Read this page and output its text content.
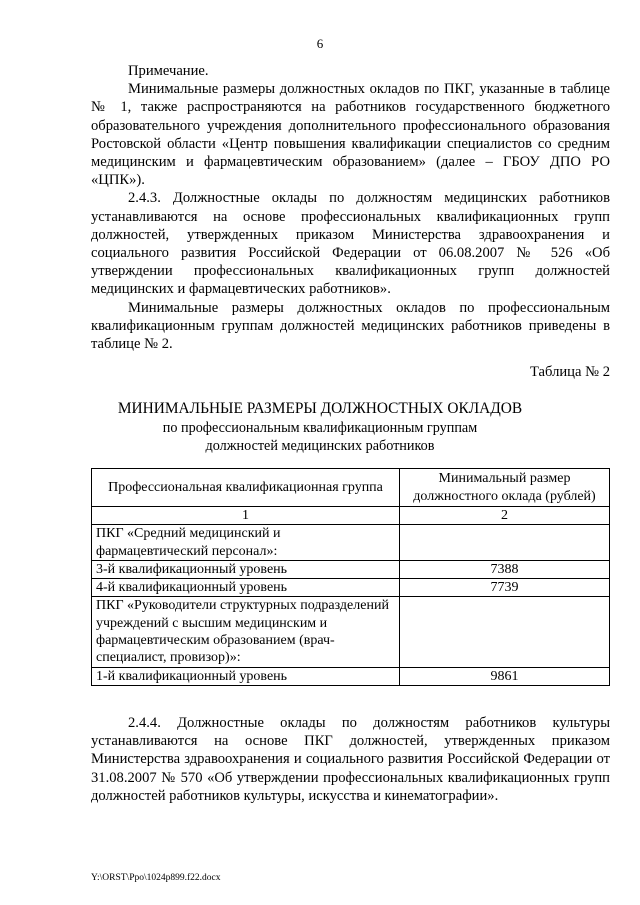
6

Примечание.

Минимальные размеры должностных окладов по ПКГ, указанные в таблице № 1, также распространяются на работников государственного бюджетного образовательного учреждения дополнительного профессионального образования Ростовской области «Центр повышения квалификации специалистов со средним медицинским и фармацевтическим образованием» (далее – ГБОУ ДПО РО «ЦПК»).

2.4.3. Должностные оклады по должностям медицинских работников устанавливаются на основе профессиональных квалификационных групп должностей, утвержденных приказом Министерства здравоохранения и социального развития Российской Федерации от 06.08.2007 № 526 «Об утверждении профессиональных квалификационных групп должностей медицинских и фармацевтических работников».

Минимальные размеры должностных окладов по профессиональным квалификационным группам должностей медицинских работников приведены в таблице № 2.

Таблица № 2
МИНИМАЛЬНЫЕ РАЗМЕРЫ ДОЛЖНОСТНЫХ ОКЛАДОВ
по профессиональным квалификационным группам
должностей медицинских работников
Профессиональная квалификационная группа	Минимальный размер должностного оклада (рублей)
1	2
ПКГ «Средний медицинский и фармацевтический персонал»:	
3-й квалификационный уровень	7388
4-й квалификационный уровень	7739
ПКГ «Руководители структурных подразделений учреждений с высшим медицинским и фармацевтическим образованием (врач-специалист, провизор)»:	
1-й квалификационный уровень	9861

2.4.4. Должностные оклады по должностям работников культуры устанавливаются на основе ПКГ должностей, утвержденных приказом Министерства здравоохранения и социального развития Российской Федерации от 31.08.2007 № 570 «Об утверждении профессиональных квалификационных групп должностей работников культуры, искусства и кинематографии».

Y:\ORST\Ppo\1024p899.f22.docx
